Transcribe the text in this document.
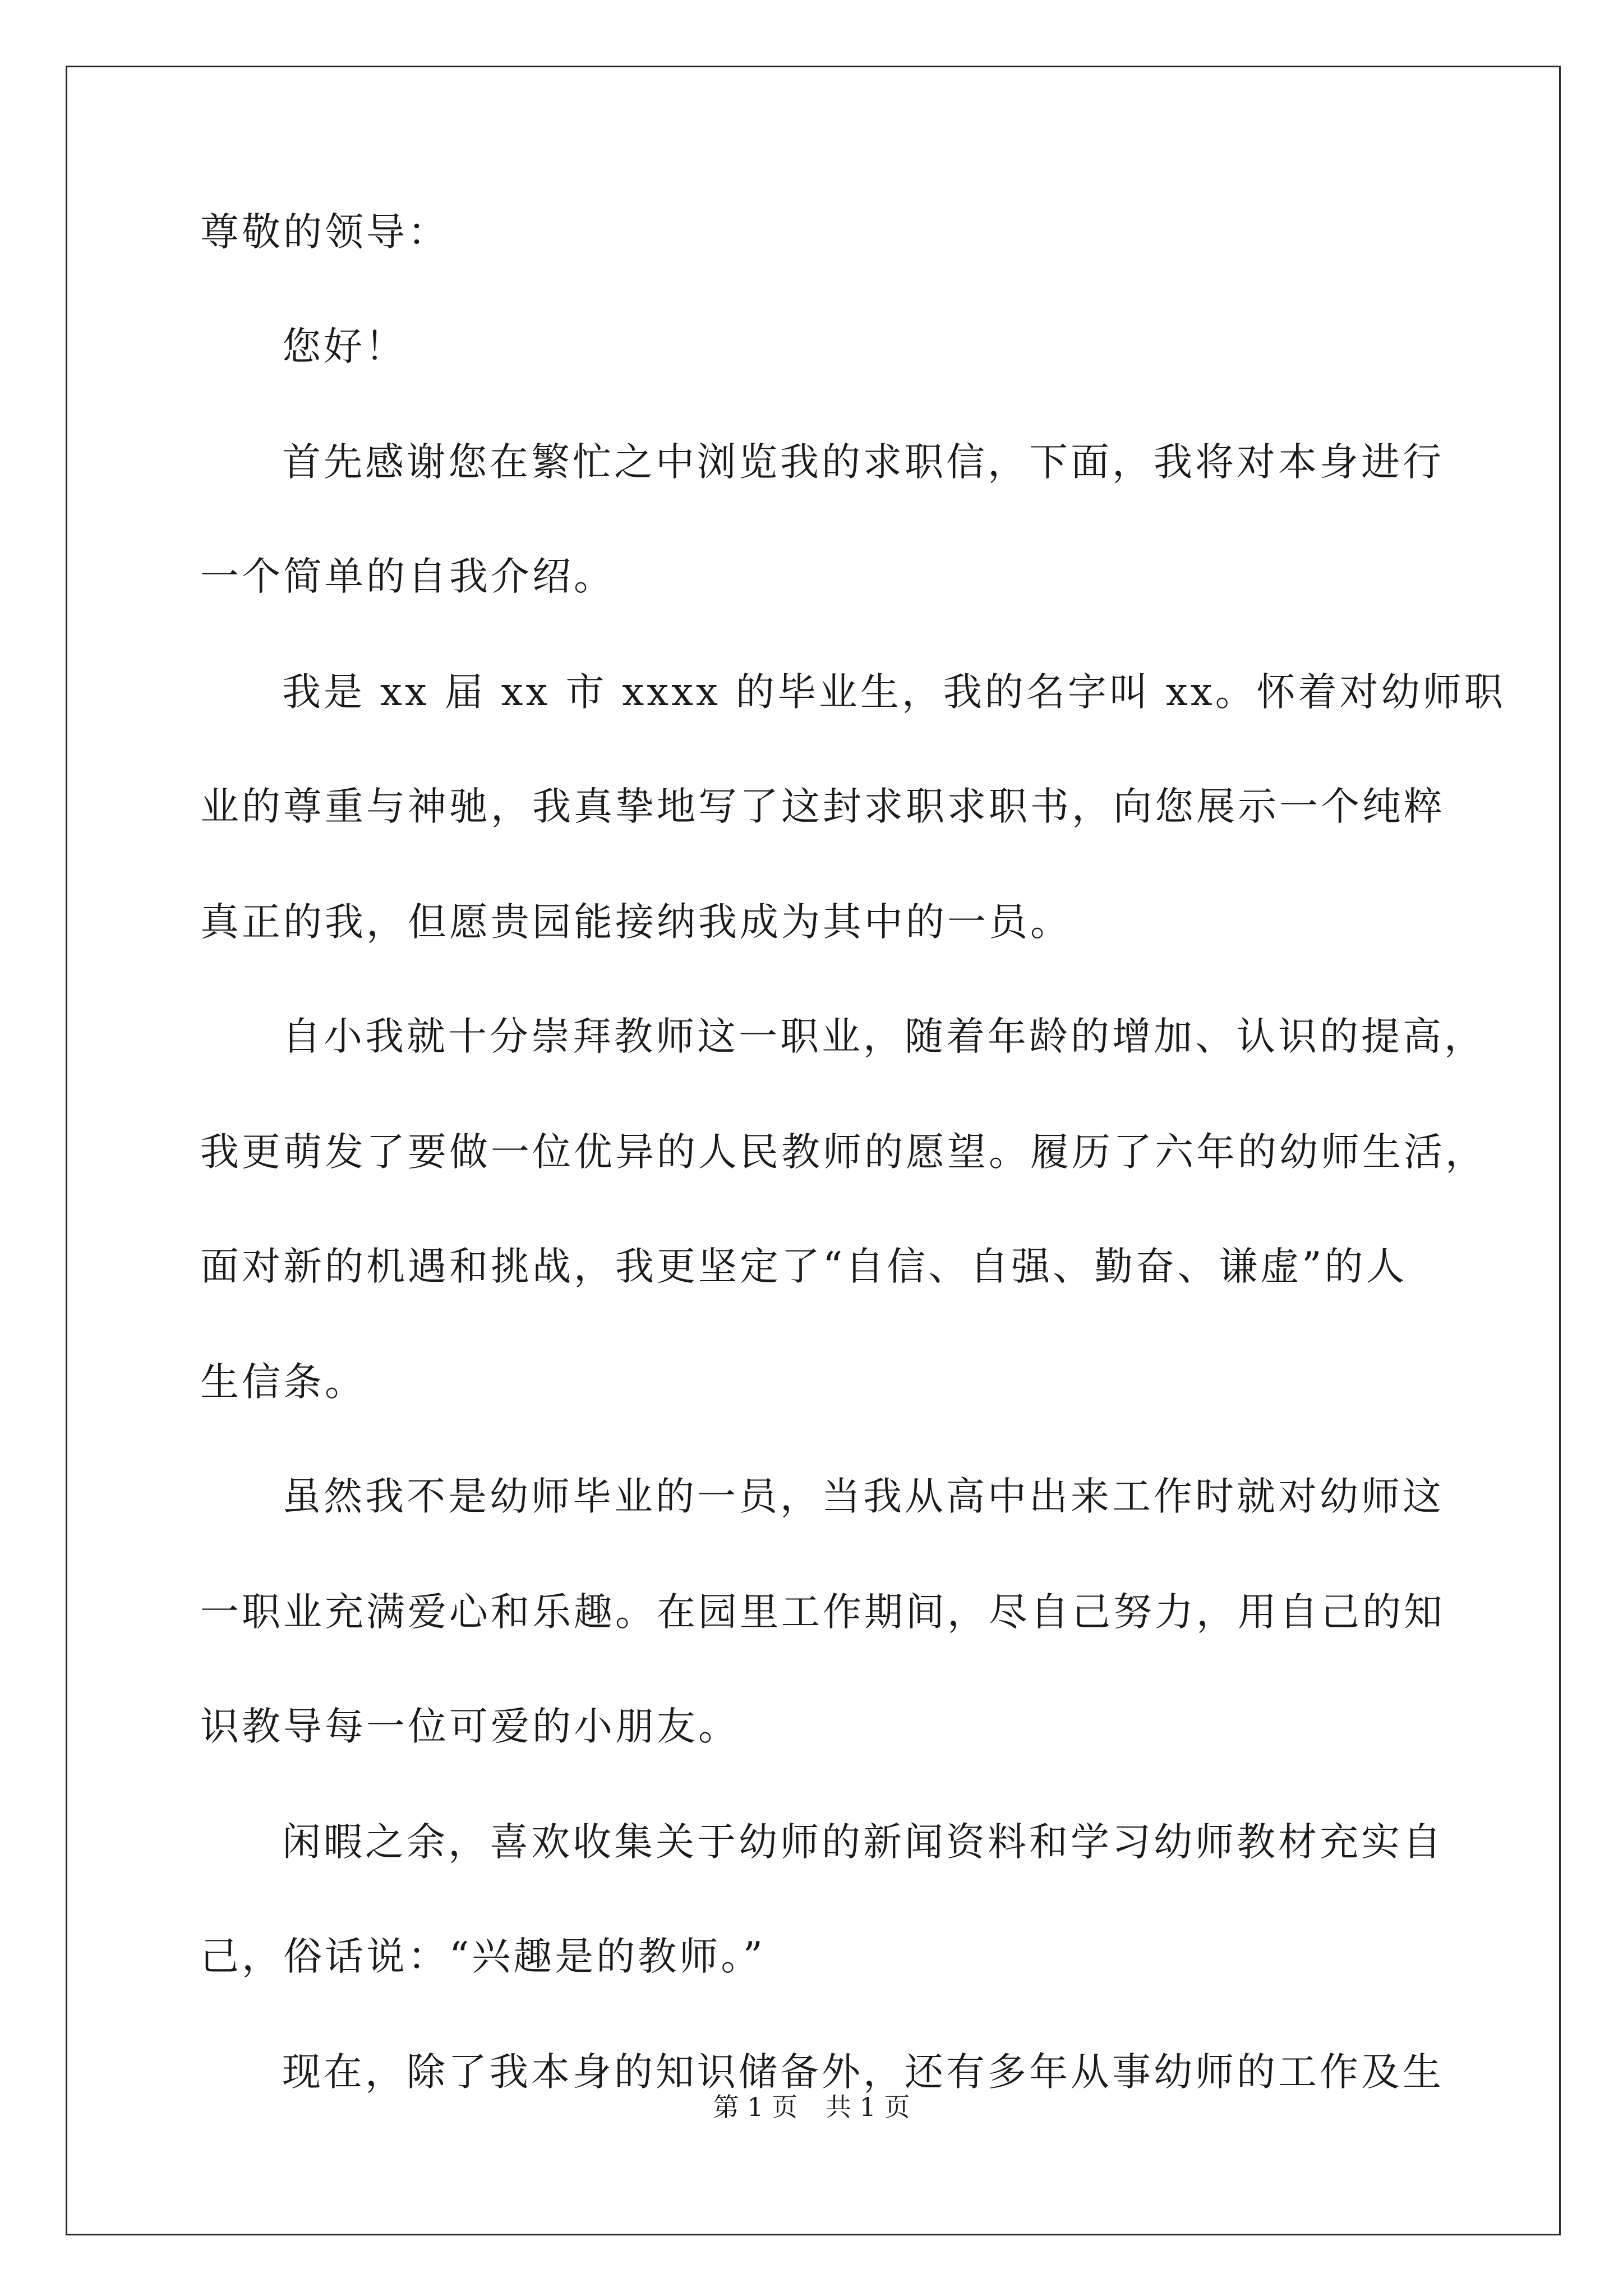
尊敬的领导：
您好！
首先感谢您在繁忙之中浏览我的求职信，下面，我将对本身进行
一个简单的自我介绍。
我是 xx 届 xx 市 xxxx 的毕业生，我的名字叫 xx。怀着对幼师职
业的尊重与神驰，我真挚地写了这封求职求职书，向您展示一个纯粹
真正的我，但愿贵园能接纳我成为其中的一员。
自小我就十分崇拜教师这一职业，随着年龄的增加、认识的提高，
我更萌发了要做一位优异的人民教师的愿望。履历了六年的幼师生活，
面对新的机遇和挑战，我更坚定了“自信、自强、勤奋、谦虚”的人
生信条。
虽然我不是幼师毕业的一员，当我从高中出来工作时就对幼师这
一职业充满爱心和乐趣。在园里工作期间，尽自己努力，用自己的知
识教导每一位可爱的小朋友。
闲暇之余，喜欢收集关于幼师的新闻资料和学习幼师教材充实自
己，俗话说：“兴趣是的教师。”
现在，除了我本身的知识储备外，还有多年从事幼师的工作及生
第 1 页 共 1 页
